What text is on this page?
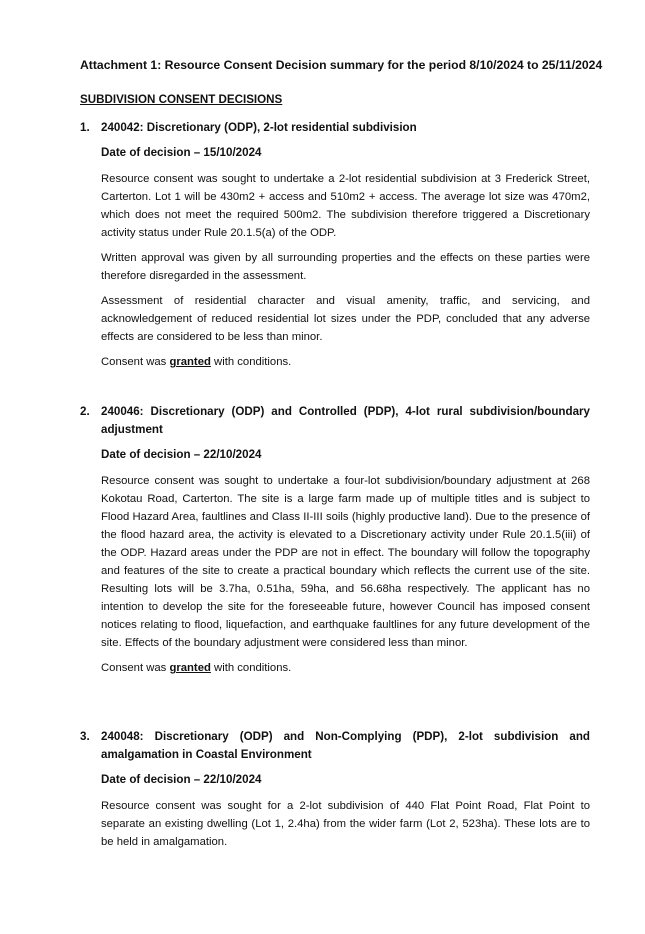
Attachment 1: Resource Consent Decision summary for the period 8/10/2024 to 25/11/2024
SUBDIVISION CONSENT DECISIONS
1. 240042: Discretionary (ODP), 2-lot residential subdivision
Date of decision – 15/10/2024

Resource consent was sought to undertake a 2-lot residential subdivision at 3 Frederick Street, Carterton. Lot 1 will be 430m2 + access and 510m2 + access. The average lot size was 470m2, which does not meet the required 500m2. The subdivision therefore triggered a Discretionary activity status under Rule 20.1.5(a) of the ODP.

Written approval was given by all surrounding properties and the effects on these parties were therefore disregarded in the assessment.

Assessment of residential character and visual amenity, traffic, and servicing, and acknowledgement of reduced residential lot sizes under the PDP, concluded that any adverse effects are considered to be less than minor.

Consent was granted with conditions.

2. 240046: Discretionary (ODP) and Controlled (PDP), 4-lot rural subdivision/boundary adjustment
Date of decision – 22/10/2024

Resource consent was sought to undertake a four-lot subdivision/boundary adjustment at 268 Kokotau Road, Carterton. The site is a large farm made up of multiple titles and is subject to Flood Hazard Area, faultlines and Class II-III soils (highly productive land). Due to the presence of the flood hazard area, the activity is elevated to a Discretionary activity under Rule 20.1.5(iii) of the ODP. Hazard areas under the PDP are not in effect. The boundary will follow the topography and features of the site to create a practical boundary which reflects the current use of the site. Resulting lots will be 3.7ha, 0.51ha, 59ha, and 56.68ha respectively. The applicant has no intention to develop the site for the foreseeable future, however Council has imposed consent notices relating to flood, liquefaction, and earthquake faultlines for any future development of the site. Effects of the boundary adjustment were considered less than minor.

Consent was granted with conditions.

3. 240048: Discretionary (ODP) and Non-Complying (PDP), 2-lot subdivision and amalgamation in Coastal Environment
Date of decision – 22/10/2024

Resource consent was sought for a 2-lot subdivision of 440 Flat Point Road, Flat Point to separate an existing dwelling (Lot 1, 2.4ha) from the wider farm (Lot 2, 523ha). These lots are to be held in amalgamation.
